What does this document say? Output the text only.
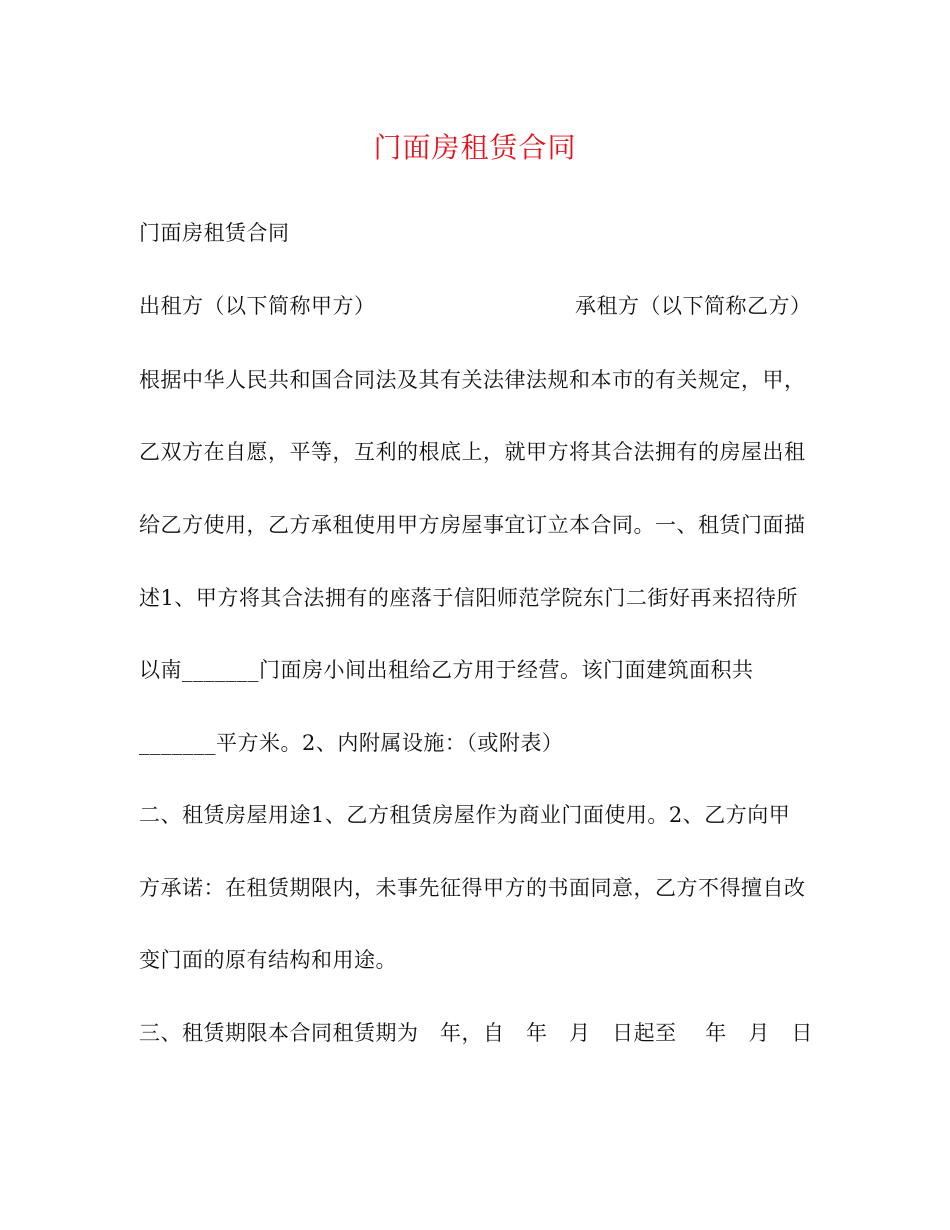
门面房租赁合同
门面房租赁合同
出租方（以下简称甲方）	承租方（以下简称乙方）
根据中华人民共和国合同法及其有关法律法规和本市的有关规定，甲，
乙双方在自愿，平等，互利的根底上，就甲方将其合法拥有的房屋出租
给乙方使用，乙方承租使用甲方房屋事宜订立本合同。一、租赁门面描
述1、甲方将其合法拥有的座落于信阳师范学院东门二街好再来招待所
以南_______门面房小间出租给乙方用于经营。该门面建筑面积共
_______平方米。2、内附属设施：（或附表）
二、租赁房屋用途1、乙方租赁房屋作为商业门面使用。2、乙方向甲
方承诺：在租赁期限内，未事先征得甲方的书面同意，乙方不得擅自改
变门面的原有结构和用途。
三、租赁期限本合同租赁期为   年，自   年   月   日起至    年   月   日
